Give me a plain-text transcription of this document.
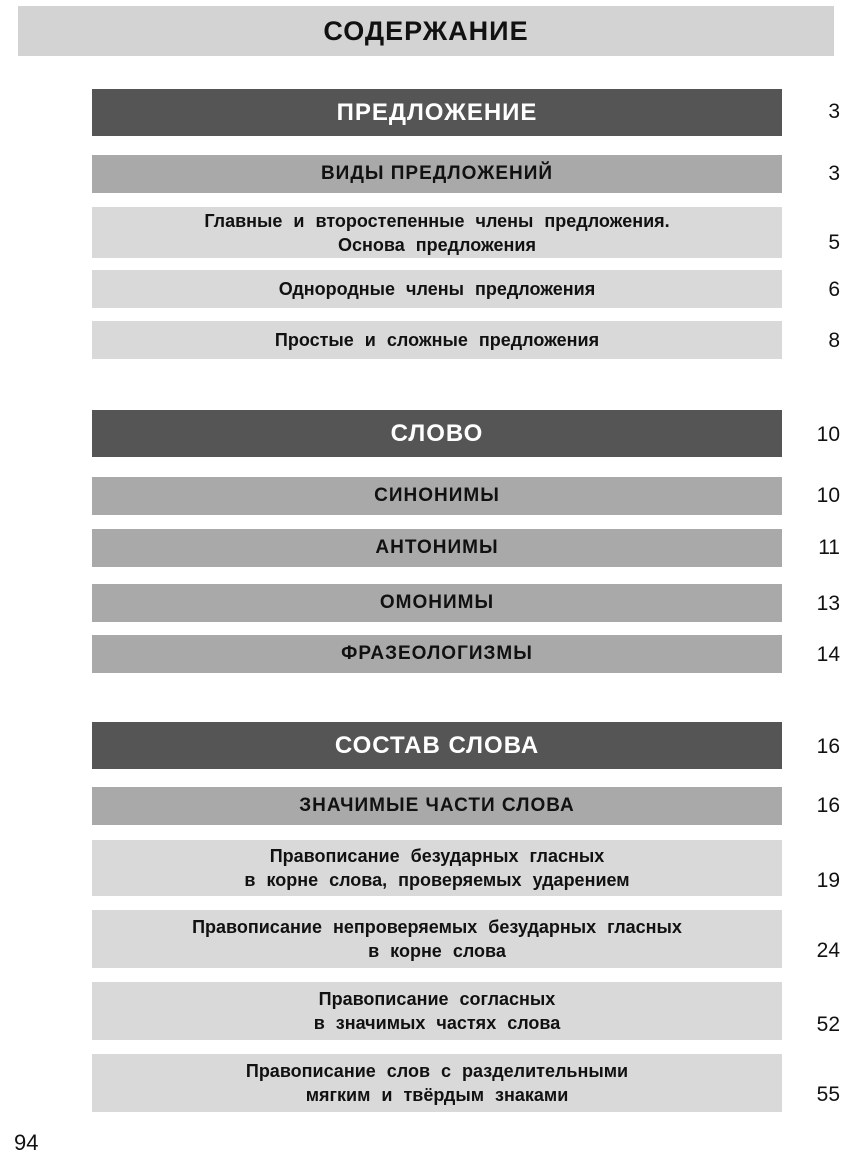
СОДЕРЖАНИЕ
ПРЕДЛОЖЕНИЕ	3
ВИДЫ ПРЕДЛОЖЕНИЙ	3
Главные и второстепенные члены предложения.
Основа предложения	5
Однородные члены предложения	6
Простые и сложные предложения	8
СЛОВО	10
СИНОНИМЫ	10
АНТОНИМЫ	11
ОМОНИМЫ	13
ФРАЗЕОЛОГИЗМЫ	14
СОСТАВ СЛОВА	16
ЗНАЧИМЫЕ ЧАСТИ СЛОВА	16
Правописание безударных гласных
в корне слова, проверяемых ударением	19
Правописание непроверяемых безударных гласных
в корне слова	24
Правописание согласных
в значимых частях слова	52
Правописание слов с разделительными
мягким и твёрдым знаками	55
94
